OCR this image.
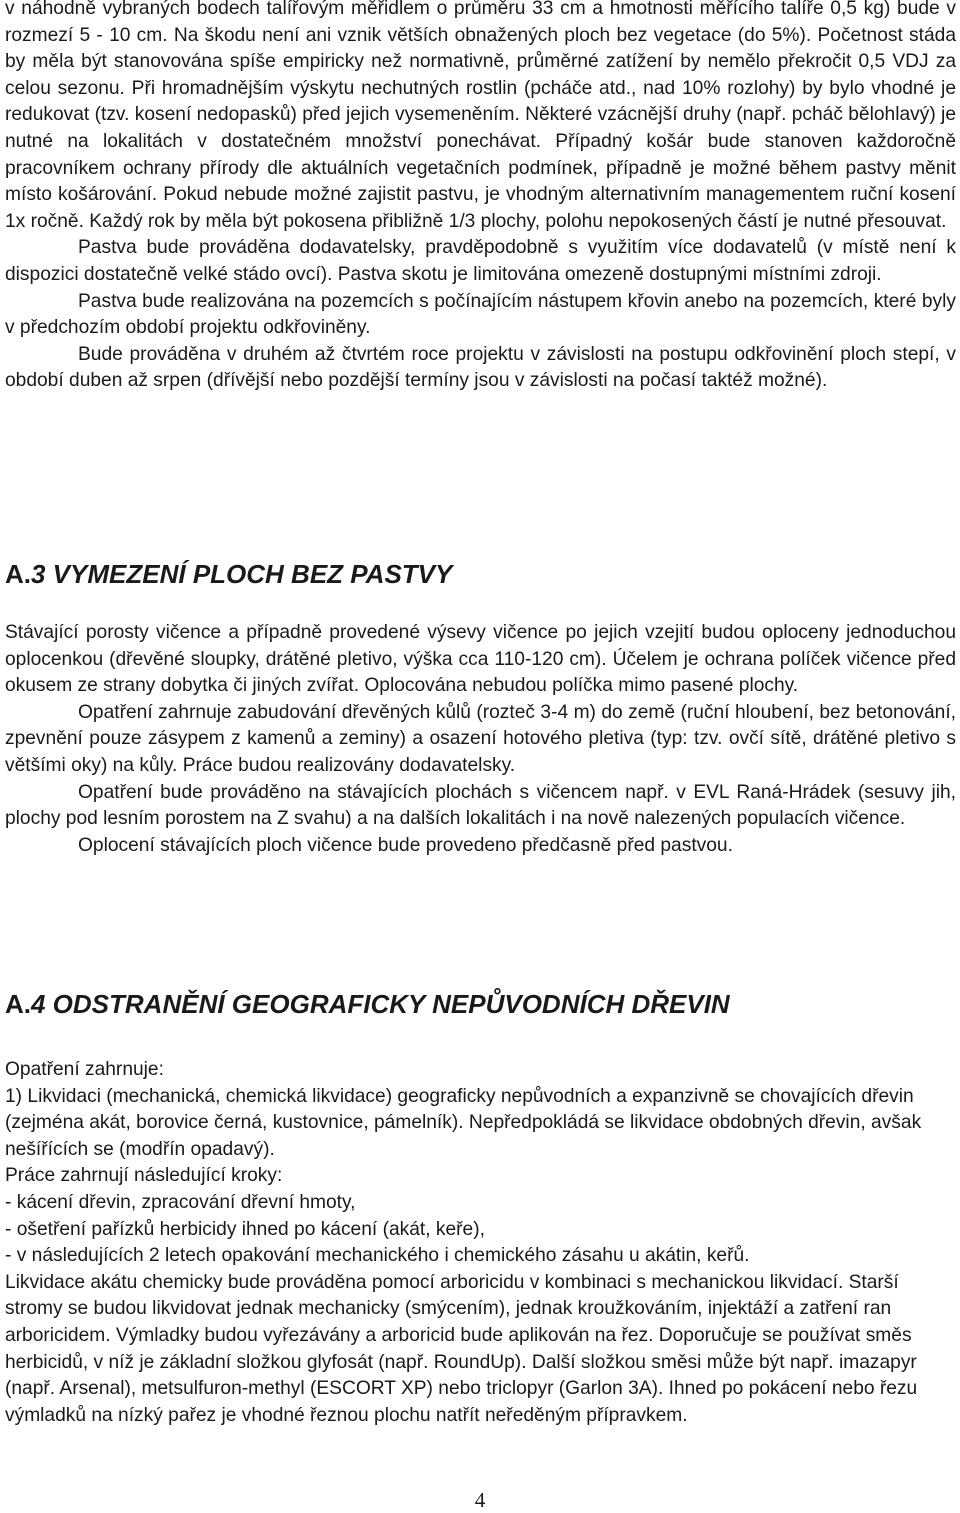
v náhodně vybraných bodech talířovým měřidlem o průměru 33 cm a hmotnosti měřícího talíře 0,5 kg) bude v rozmezí 5 - 10 cm. Na škodu není ani vznik větších obnažených ploch bez vegetace (do 5%). Početnost stáda by měla být stanovována spíše empiricky než normativně, průměrné zatížení by nemělo překročit 0,5 VDJ za celou sezonu. Při hromadnějším výskytu nechutných rostlin (pcháče atd., nad 10% rozlohy) by bylo vhodné je redukovat (tzv. kosení nedopasků) před jejich vysemeněním. Některé vzácnější druhy (např. pcháč bělohlavý) je nutné na lokalitách v dostatečném množství ponechávat. Případný košár bude stanoven každoročně pracovníkem ochrany přírody dle aktuálních vegetačních podmínek, případně je možné během pastvy měnit místo košárování. Pokud nebude možné zajistit pastvu, je vhodným alternativním managementem ruční kosení 1x ročně. Každý rok by měla být pokosena přibližně 1/3 plochy, polohu nepokosených částí je nutné přesouvat.

Pastva bude prováděna dodavatelsky, pravděpodobně s využitím více dodavatelů (v místě není k dispozici dostatečně velké stádo ovcí). Pastva skotu je limitována omezeně dostupnými místními zdroji.

Pastva bude realizována na pozemcích s počínajícím nástupem křovin anebo na pozemcích, které byly v předchozím období projektu odkřoviněny.

Bude prováděna v druhém až čtvrtém roce projektu v závislosti na postupu odkřovinění ploch stepí, v období duben až srpen (dřívější nebo pozdější termíny jsou v závislosti na počasí taktéž možné).

A.3 VYMEZENÍ PLOCH BEZ PASTVY

Stávající porosty vičence a případně provedené výsevy vičence po jejich vzejití budou oploceny jednoduchou oplocenkou (dřevěné sloupky, drátěné pletivo, výška cca 110-120 cm). Účelem je ochrana políček vičence před okusem ze strany dobytka či jiných zvířat. Oplocována nebudou políčka mimo pasené plochy.

Opatření zahrnuje zabudování dřevěných kůlů (rozteč 3-4 m) do země (ruční hloubení, bez betonování, zpevnění pouze zásypem z kamenů a zeminy) a osazení hotového pletiva (typ: tzv. ovčí sítě, drátěné pletivo s většími oky) na kůly. Práce budou realizovány dodavatelsky.

Opatření bude prováděno na stávajících plochách s vičencem např. v EVL Raná-Hrádek (sesuvy jih, plochy pod lesním porostem na Z svahu) a na dalších lokalitách i na nově nalezených populacích vičence.

Oplocení stávajících ploch vičence bude provedeno předčasně před pastvou.

A.4 ODSTRANĚNÍ GEOGRAFICKY NEPŮVODNÍCH DŘEVIN

Opatření zahrnuje:

1) Likvidaci (mechanická, chemická likvidace) geograficky nepůvodních a expanzivně se chovajících dřevin (zejména akát, borovice černá, kustovnice, pámelník). Nepředpokládá se likvidace obdobných dřevin, avšak nešířících se (modřín opadavý).

Práce zahrnují následující kroky:

- kácení dřevin, zpracování dřevní hmoty,

- ošetření pařízků herbicidy ihned po kácení (akát, keře),

- v následujících 2 letech opakování mechanického i chemického zásahu u akátin, keřů.

Likvidace akátu chemicky bude prováděna pomocí arboricidu v kombinaci s mechanickou likvidací. Starší stromy se budou likvidovat jednak mechanicky (smýcením), jednak kroužkováním, injektáží a zatření ran arboricidem. Výmladky budou vyřezávány a arboricid bude aplikován na řez. Doporučuje se používat směs herbicidů, v níž je základní složkou glyfosát (např. RoundUp). Další složkou směsi může být např. imazapyr (např. Arsenal), metsulfuron-methyl (ESCORT XP) nebo triclopyr (Garlon 3A). Ihned po pokácení nebo řezu výmladků na nízký pařez je vhodné řeznou plochu natřít neředěným přípravkem.

4
